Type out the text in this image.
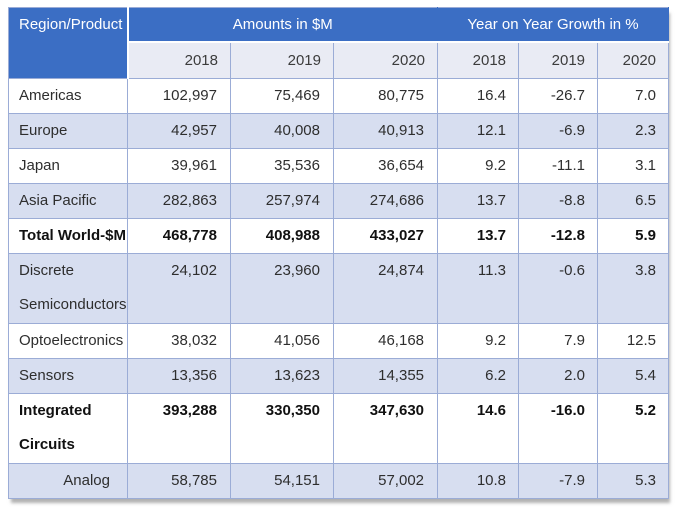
Region/Product	Amounts in $M			Year on Year Growth in %		
	2018	2019	2020	2018	2019	2020
Americas	102,997	75,469	80,775	16.4	-26.7	7.0
Europe	42,957	40,008	40,913	12.1	-6.9	2.3
Japan	39,961	35,536	36,654	9.2	-11.1	3.1
Asia Pacific	282,863	257,974	274,686	13.7	-8.8	6.5
Total World-$M	468,778	408,988	433,027	13.7	-12.8	5.9
Discrete Semiconductors	24,102	23,960	24,874	11.3	-0.6	3.8
Optoelectronics	38,032	41,056	46,168	9.2	7.9	12.5
Sensors	13,356	13,623	14,355	6.2	2.0	5.4
Integrated Circuits	393,288	330,350	347,630	14.6	-16.0	5.2
Analog	58,785	54,151	57,002	10.8	-7.9	5.3
